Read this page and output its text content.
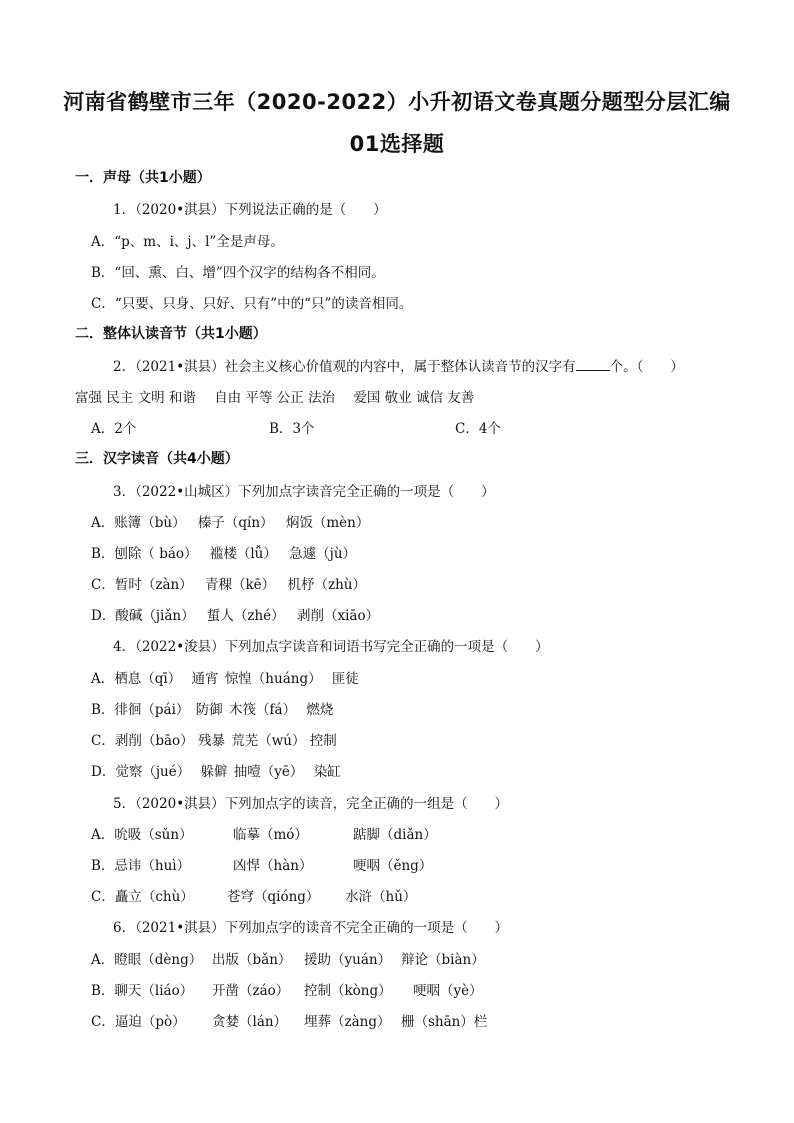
河南省鹤壁市三年（2020-2022）小升初语文卷真题分题型分层汇编
01选择题
一．声母（共1小题）
1．（2020•淇县）下列说法正确的是（　　）
A．“p、m、i、j、l”全是声母。
B．“回、熏、白、增”四个汉字的结构各不相同。
C．“只要、只身、只好、只有”中的“只”的读音相同。
二．整体认读音节（共1小题）
2．（2021•淇县）社会主义核心价值观的内容中，属于整体认读音节的汉字有	个。（　　）
富强 民主 文明 和谐 自由 平等 公正 法治 爱国 敬业 诚信 友善
A．2个	B．3个	C．4个
三．汉字读音（共4小题）
3．（2022•山城区）下列加点字读音完全正确的一项是（　　）
A．账簿（bù） 榛子（qín） 焖饭（mèn）
B．刨除（ báo） 褴楼（lǚ） 急遽（jù）
C．暂时（zàn） 青稞（kē） 机杼（zhù）
D．酸碱（jiǎn） 蜇人（zhé） 剥削（xiāo）
4．（2022•浚县）下列加点字读音和词语书写完全正确的一项是（　　）
A．栖息（qī） 通宵 惊惶（huáng） 匪徒
B．徘徊（pái） 防御 木筏（fá） 燃烧
C．剥削（bāo） 残暴 荒芜（wú） 控制
D．觉察（jué） 躲僻 抽噎（yē） 染缸
5．（2020•淇县）下列加点字的读音，完全正确的一组是（　　）
A．吮吸（sǔn）	临摹（mó）	踮脚（diǎn）
B．忌讳（huì）	凶悍（hàn）	哽咽（ěng）
C．矗立（chù） 苍穹（qióng） 水浒（hǔ）
6．（2021•淇县）下列加点字的读音不完全正确的一项是（　　）
A．瞪眼（dèng） 出版（bǎn） 援助（yuán） 辩论（biàn）
B．聊天（liáo） 开凿（záo） 控制（kòng） 哽咽（yè）
C．逼迫（pò） 贪婪（lán） 埋葬（zàng） 栅（shān）栏
